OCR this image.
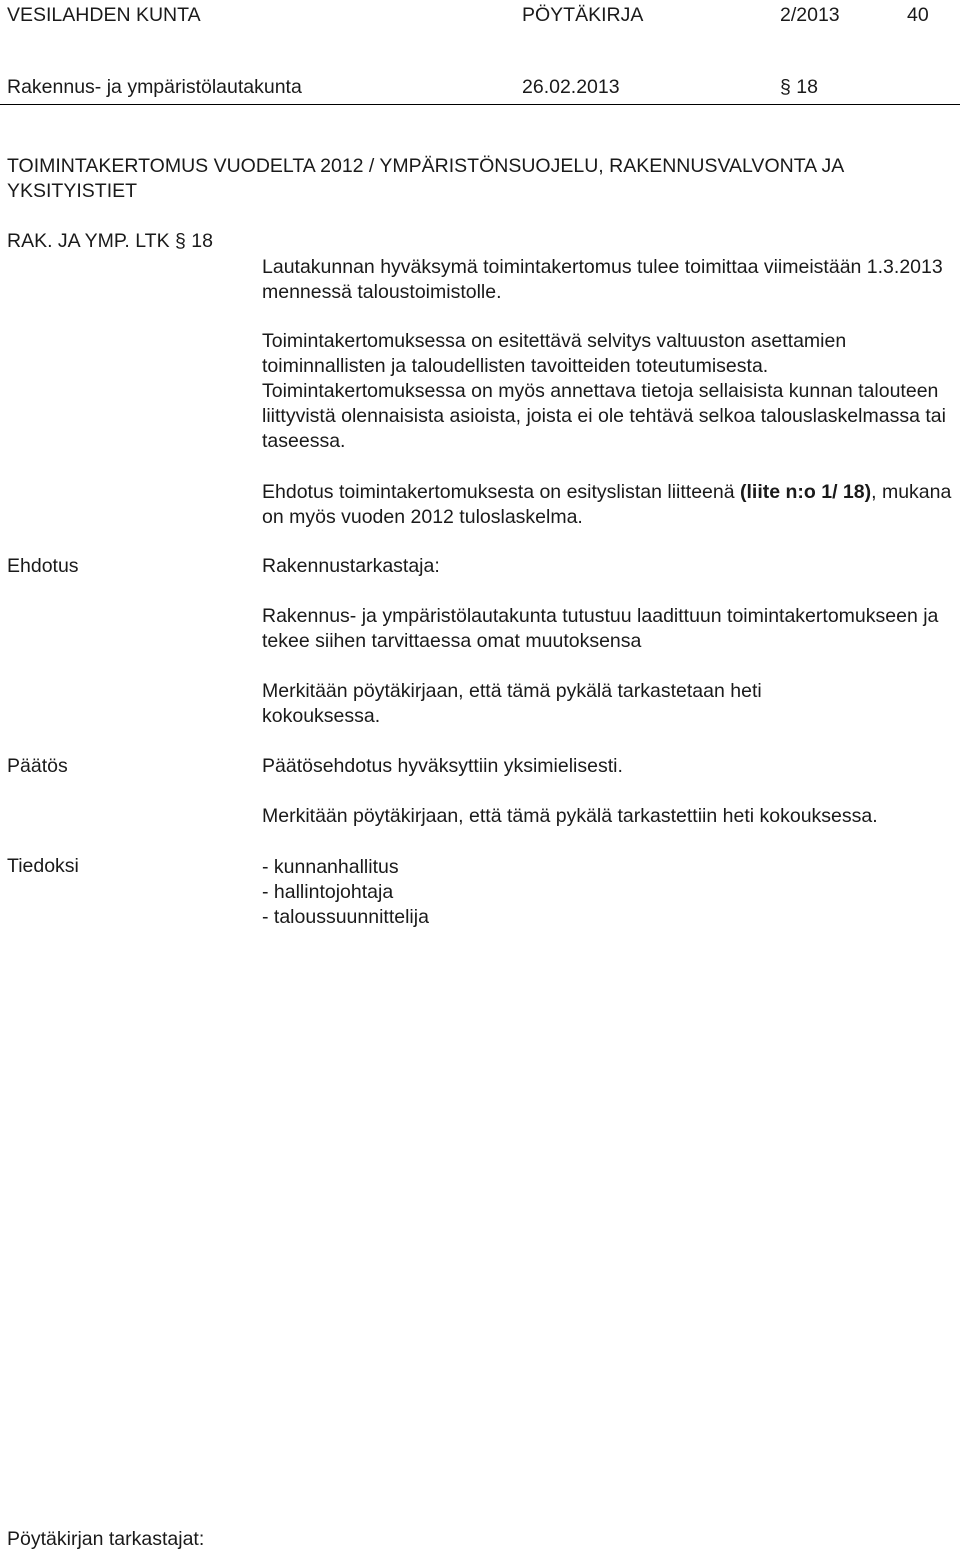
VESILAHDEN KUNTA	PÖYTÄKIRJA	2/2013	40
Rakennus- ja ympäristölautakunta	26.02.2013	§ 18

TOIMINTAKERTOMUS VUODELTA 2012 / YMPÄRISTÖNSUOJELU, RAKENNUSVALVONTA JA YKSITYISTIET

RAK. JA YMP. LTK § 18

Lautakunnan hyväksymä toimintakertomus tulee toimittaa viimeistään 1.3.2013 mennessä taloustoimistolle.

Toimintakertomuksessa on esitettävä selvitys valtuuston asettamien toiminnallisten ja taloudellisten tavoitteiden toteutumisesta. Toimintakertomuksessa on myös annettava tietoja sellaisista kunnan talouteen liittyvistä olennaisista asioista, joista ei ole tehtävä selkoa talouslaskelmassa tai taseessa.

Ehdotus toimintakertomuksesta on esityslistan liitteenä (liite n:o 1/ 18), mukana on myös vuoden 2012 tuloslaskelma.

Ehdotus	Rakennustarkastaja:

Rakennus- ja ympäristölautakunta tutustuu laadittuun toimintakertomukseen ja tekee siihen tarvittaessa omat muutoksensa

Merkitään pöytäkirjaan, että tämä pykälä tarkastetaan heti kokouksessa.

Päätös	Päätösehdotus hyväksyttiin yksimielisesti.
Merkitään pöytäkirjaan, että tämä pykälä tarkastettiin heti kokouksessa.
Tiedoksi	- kunnanhallitus
- hallintojohtaja
- taloussuunnittelija
Pöytäkirjan tarkastajat:
